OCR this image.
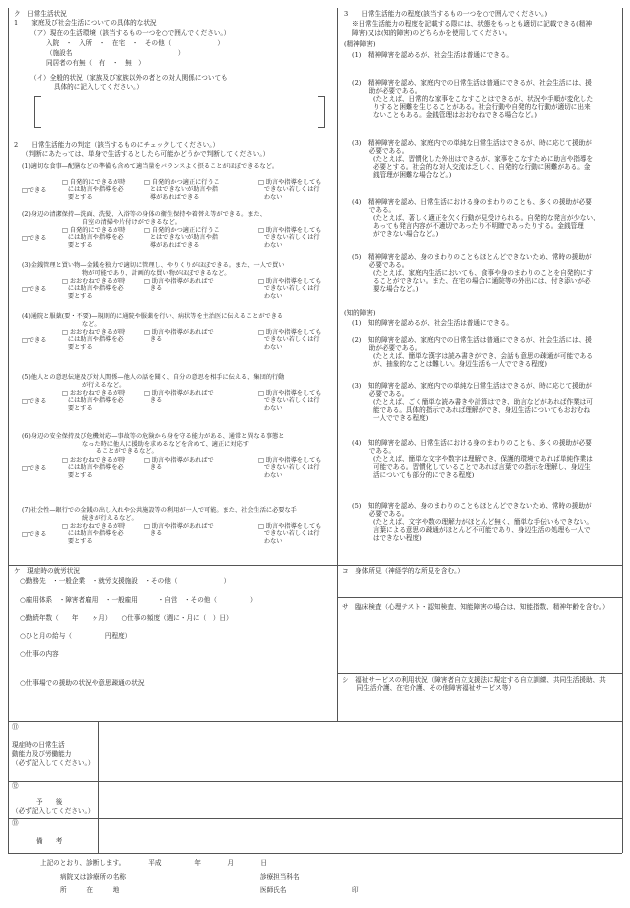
ク　日常生活状況
1　　家庭及び社会生活についての具体的な状況
（ア）現在の生活環境（該当するもの一つを○で囲んでください。）
入院　・　入所　・　在宅　・　その他（　　　　　　　）
（施設名　　　　　　　　　　　　　　　　）
同居者の有無（　有　・　無　）
（イ）全般的状況（家族及び家族以外の者との対人関係についても
具体的に記入してください。）
2　　日常生活能力の判定（該当するものにチェックしてください。）
（判断にあたっては、単身で生活するとしたら可能かどうかで判断してください。）
(1)適切な食事—配膳などの準備も含めて適当量をバランスよく摂ることがほぼできるなど。
□できる
□ 自発的にできるが時
には助言や指導を必
要とする
□ 自発的かつ適正に行うこ
とはできないが助言や指
導があればできる
□ 助言や指導をしても
できない若しくは行
わない
(2)身辺の清潔保持—洗面、洗髪、入浴等の身体の衛生保持や着替え等ができる。また、
自室の清掃や片付けができるなど。
□できる
□ 自発的にできるが時
には助言や指導を必
要とする
□ 自発的かつ適正に行うこ
とはできないが助言や指
導があればできる
□ 助言や指導をしても
できない若しくは行
わない
(3)金銭管理と買い物—金銭を独力で適切に管理し、やりくりがほぼできる。また、一人で買い
物が可能であり、計画的な買い物がほぼできるなど。
□できる
□ おおむねできるが時
には助言や指導を必
要とする
□ 助言や指導があればで
きる
□ 助言や指導をしても
できない若しくは行
わない
(4)通院と服薬(要・不要)—規則的に通院や服薬を行い、病状等を主治医に伝えることができる
など。
□できる
□ おおむねできるが時
には助言や指導を必
要とする
□ 助言や指導があればで
きる
□ 助言や指導をしても
できない若しくは行
わない
(5)他人との意思伝達及び対人関係—他人の話を聞く、自分の意思を相手に伝える、集団的行動
が行えるなど。
□できる
□ おおむねできるが時
には助言や指導を必
要とする
□ 助言や指導があればで
きる
□ 助言や指導をしても
できない若しくは行
わない
(6)身辺の安全保持及び危機対応—事故等の危険から身を守る能力がある、通常と異なる事態と
なった時に他人に援助を求めるなどを含めて、適正に対応す
ることができるなど。
□できる
□ おおむねできるが時
には助言や指導を必
要とする
□ 助言や指導があればで
きる
□ 助言や指導をしても
できない若しくは行
わない
(7)社会性—銀行での金銭の出し入れや公共施設等の利用が一人で可能。また、社会生活に必要な手
続きが行えるなど。
□できる
□ おおむねできるが時
には助言や指導を必
要とする
□ 助言や指導があればで
きる
□ 助言や指導をしても
できない若しくは行
わない
3　　日常生活能力の程度(該当するもの一つを○で囲んでください。)
※日常生活能力の程度を記載する際には、状態をもっとも適切に記載できる(精神
障害)又は(知的障害)のどちらかを使用してください。
(精神障害)
(1)　精神障害を認めるが、社会生活は普通にできる。
(2)　精神障害を認め、家庭内での日常生活は普通にできるが、社会生活には、援
助が必要である。
(たとえば、日常的な家事をこなすことはできるが、状況や手順が変化した
りすると困難を生じることがある。社会行動や自発的な行動が適切に出来
ないこともある。金銭管理はおおむねできる場合など。)
(3)　精神障害を認め、家庭内での単純な日常生活はできるが、時に応じて援助が
必要である。
(たとえば、習慣化した外出はできるが、家事をこなすために助言や指導を
必要とする。社会的な対人交流は乏しく、自発的な行動に困難がある。金
銭管理が困難な場合など。)
(4)　精神障害を認め、日常生活における身のまわりのことも、多くの援助が必要
である。
(たとえば、著しく適正を欠く行動が見受けられる。自発的な発言が少ない、
あっても発言内容が不適切であったり不明瞭であったりする。金銭管理
ができない場合など。)
(5)　精神障害を認め、身のまわりのこともほとんどできないため、常時の援助が
必要である。
(たとえば、家庭内生活においても、食事や身のまわりのことを自発的にす
ることができない。また、在宅の場合に通院等の外出には、付き添いが必
要な場合など。)
(知的障害)
(1)　知的障害を認めるが、社会生活は普通にできる。
(2)　知的障害を認め、家庭内での日常生活は普通にできるが、社会生活には、援
助が必要である。
(たとえば、簡単な漢字は読み書きができ、会話も意思の疎通が可能である
が、抽象的なことは難しい。身辺生活も一人でできる程度)
(3)　知的障害を認め、家庭内での単純な日常生活はできるが、時に応じて援助が
必要である。
(たとえば、ごく簡単な読み書きや計算はでき、助言などがあれば作業は可
能である。具体的指示であれば理解ができ、身辺生活についてもおおむね
一人でできる程度)
(4)　知的障害を認め、日常生活における身のまわりのことも、多くの援助が必要
である。
(たとえば、簡単な文字や数字は理解でき、保護的環境であれば単純作業は
可能である。習慣化していることであれば言葉での指示を理解し、身辺生
活についても部分的にできる程度)
(5)　知的障害を認め、身のまわりのこともほとんどできないため、常時の援助が
必要である。
(たとえば、文字や数の理解力がほとんど無く、簡単な手伝いもできない。
言葉による意思の疎通がほとんど不可能であり、身辺生活の処理も一人で
はできない程度)
ケ　現症時の就労状況
○勤務先　・一般企業　・就労支援施設　・その他（　　　　　　　）
○雇用体系　・障害者雇用　・一般雇用　　　・自営　・その他（　　　　　）
○勤続年数（　　年　　ヶ月）　　○仕事の頻度（週に・月に（　）日）
○ひと月の給与（　　　　　円程度）
○仕事の内容
○仕事場での援助の状況や意思疎通の状況
コ　身体所見（神経学的な所見を含む。）
サ　臨床検査（心理テスト・認知検査、知能障害の場合は、知能指数、精神年齢を含む。）
シ　福祉サービスの利用状況（障害者自立支援法に規定する自立訓練、共同生活援助、共
同生活介護、在宅介護、その他障害福祉サービス等）
⑪
現症時の日常生活
動能力及び労働能力
（必ず記入してください。）
⑫
予　　後
（必ず記入してください。）
⑬
備　　考
上記のとおり、診断します。　　　　平成　　　　　年　　　　月　　　　日
病院又は診療所の名称	診療担当科名
所　　　在　　　地	医師氏名	印
